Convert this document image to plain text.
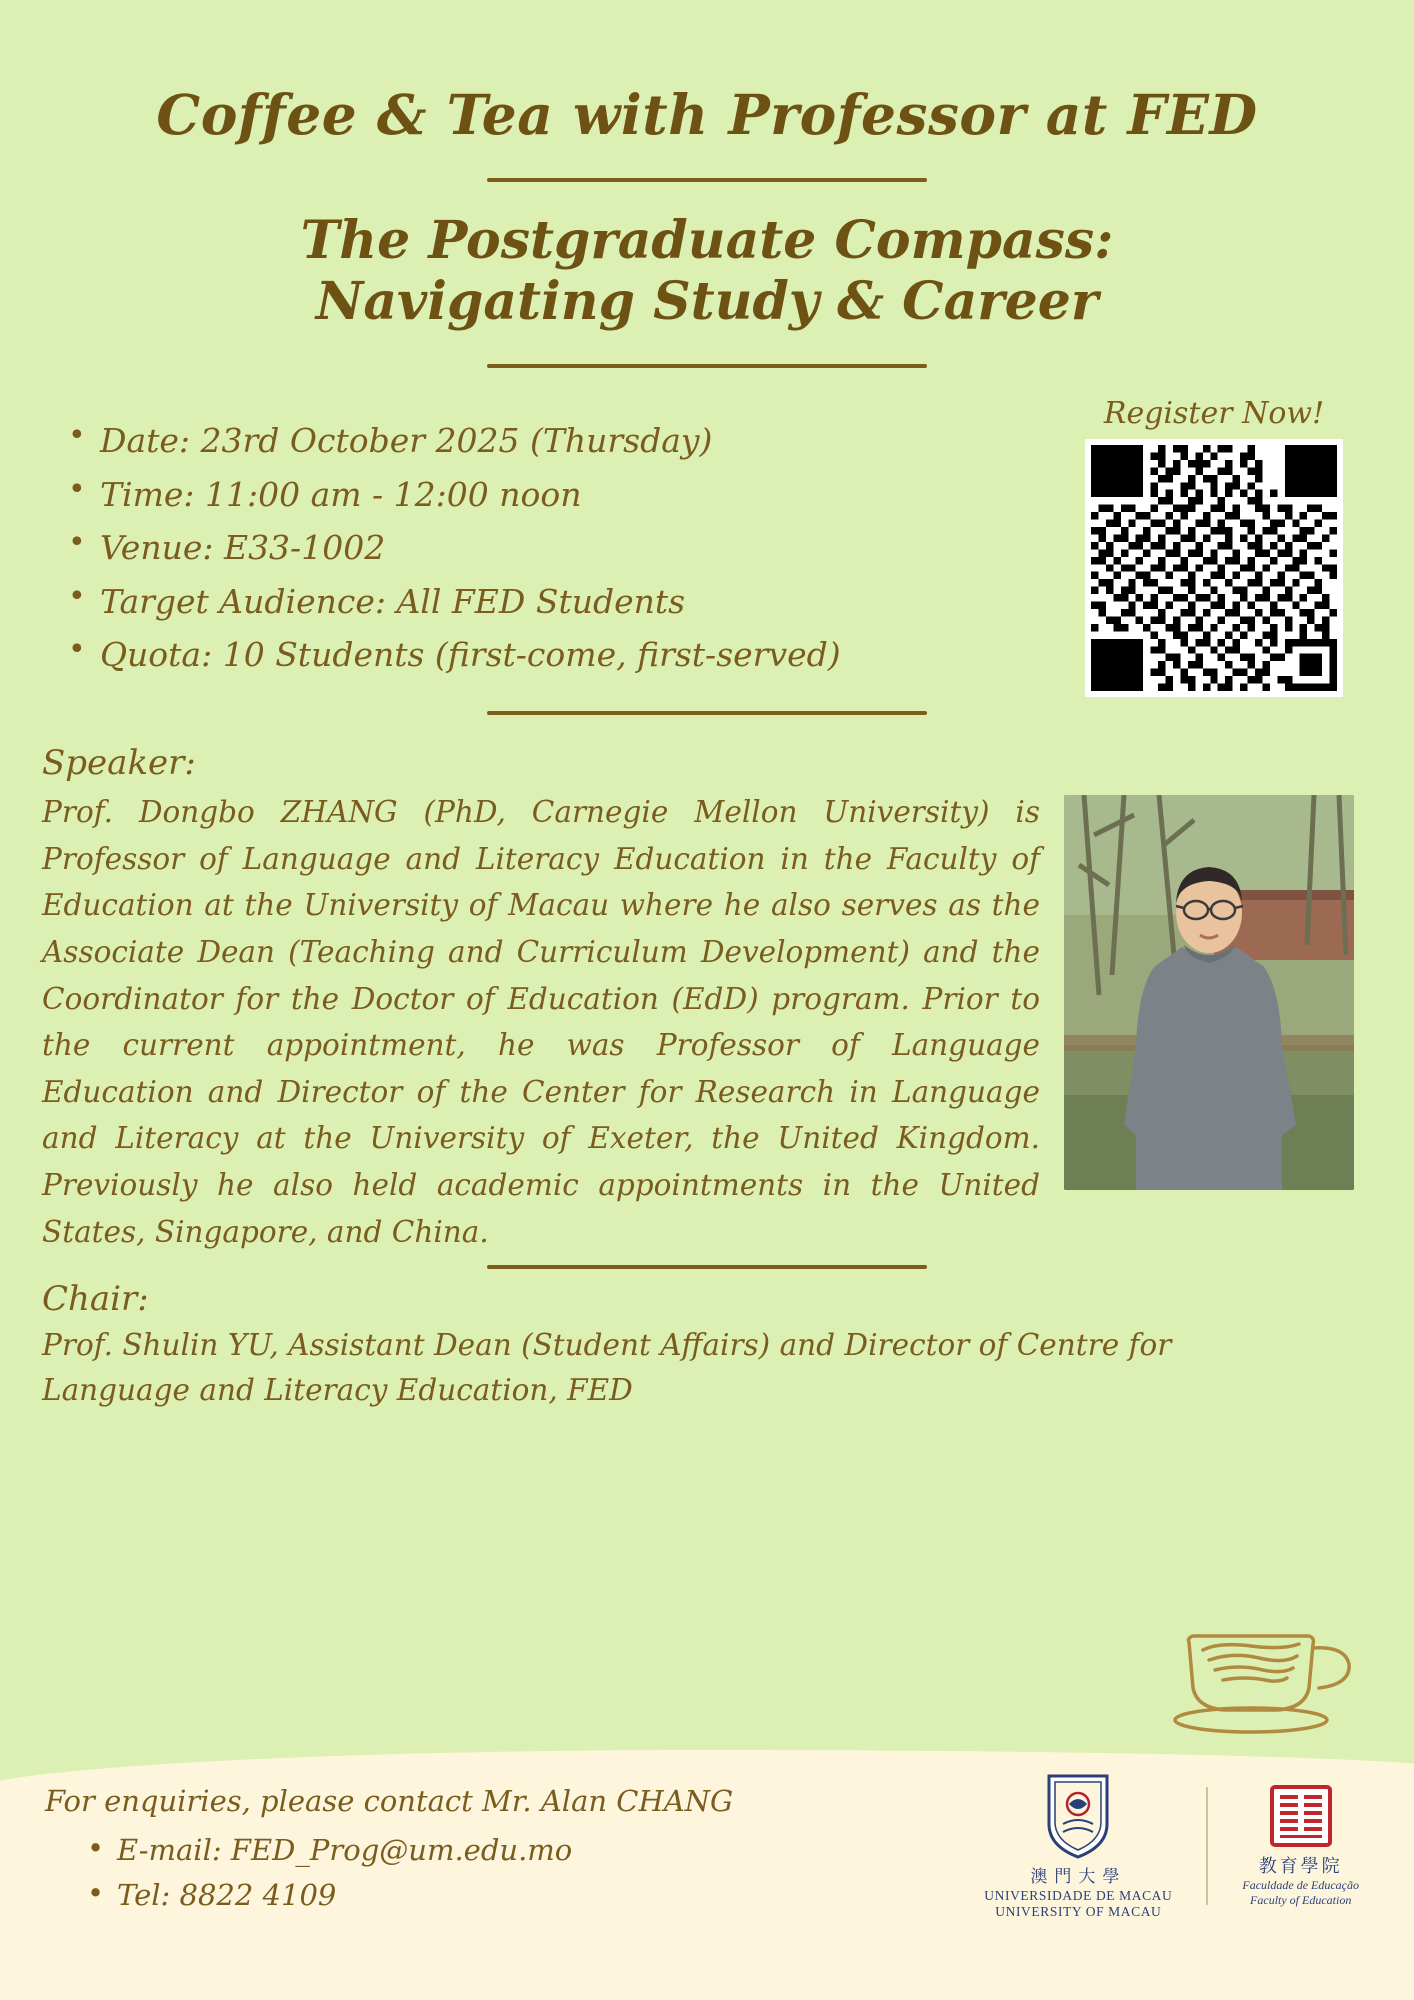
Coffee & Tea with Professor at FED
The Postgraduate Compass:
Navigating Study & Career
• Date: 23rd October 2025 (Thursday)
• Time: 11:00 am - 12:00 noon
• Venue: E33-1002
• Target Audience: All FED Students
• Quota: 10 Students (first-come, first-served)
Register Now!
Speaker:
Prof. Dongbo ZHANG (PhD, Carnegie Mellon University) is Professor of Language and Literacy Education in the Faculty of Education at the University of Macau where he also serves as the Associate Dean (Teaching and Curriculum Development) and the Coordinator for the Doctor of Education (EdD) program. Prior to the current appointment, he was Professor of Language Education and Director of the Center for Research in Language and Literacy at the University of Exeter, the United Kingdom. Previously he also held academic appointments in the United States, Singapore, and China.
Chair:
Prof. Shulin YU, Assistant Dean (Student Affairs) and Director of Centre for Language and Literacy Education, FED
For enquiries, please contact Mr. Alan CHANG
• E-mail: FED_Prog@um.edu.mo
• Tel: 8822 4109
澳門大學
UNIVERSIDADE DE MACAU
UNIVERSITY OF MACAU
教育學院
Faculdade de Educação
Faculty of Education
